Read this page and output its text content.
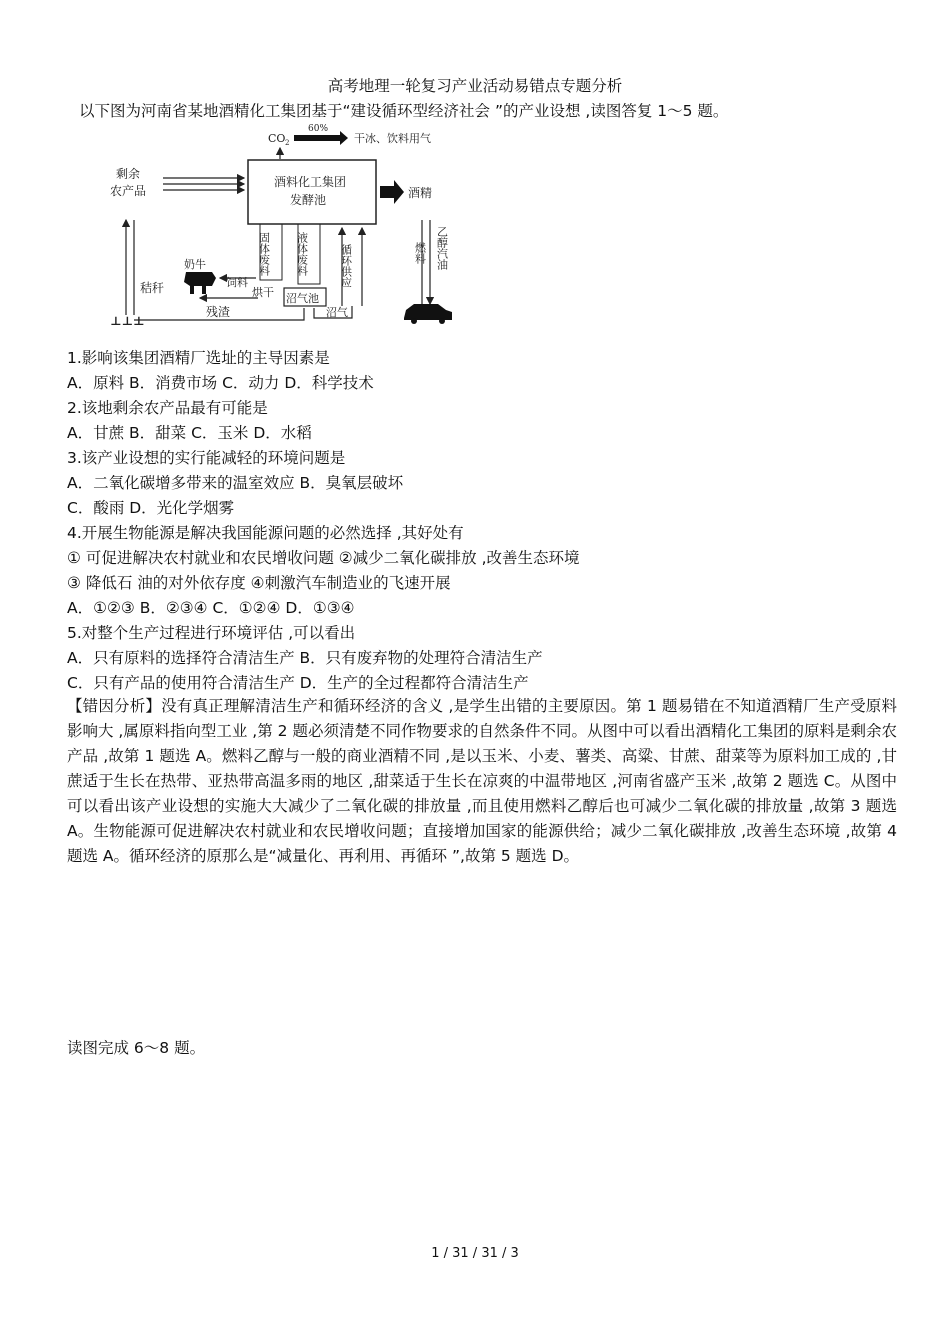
高考地理一轮复习产业活动易错点专题分析
以下图为河南省某地酒精化工集团基于“建设循环型经济社会 ”的产业设想 ,读图答复 1～5 题。
CO 2
60%
干冰、饮料用气
酒料化工集团
发酵池
剩余
农产品	酒精
燃料 乙醇汽油
固体废料 液体废料	循环供应
秸秆
⊥⊥⊥
奶牛
饲料
烘干 沼气池
残渣	沼气
1.影响该集团酒精厂选址的主导因素是
A．原料 B．消费市场 C．动力 D．科学技术
2.该地剩余农产品最有可能是
A．甘蔗 B．甜菜 C．玉米 D．水稻
3.该产业设想的实行能减轻的环境问题是
A．二氧化碳增多带来的温室效应 B．臭氧层破坏
C．酸雨 D．光化学烟雾
4.开展生物能源是解决我国能源问题的必然选择 ,其好处有
① 可促进解决农村就业和农民增收问题 ②减少二氧化碳排放 ,改善生态环境
③ 降低石 油的对外依存度 ④刺激汽车制造业的飞速开展
A．①②③ B．②③④ C．①②④ D．①③④
5.对整个生产过程进行环境评估 ,可以看出
A．只有原料的选择符合清洁生产 B．只有废弃物的处理符合清洁生产
C．只有产品的使用符合清洁生产 D．生产的全过程都符合清洁生产
【错因分析】没有真正理解清洁生产和循环经济的含义 ,是学生出错的主要原因。第 1 题易错在不知道酒精厂生产受原料影响大 ,属原料指向型工业 ,第 2 题必须清楚不同作物要求的自然条件不同。从图中可以看出酒精化工集团的原料是剩余农产品 ,故第 1 题选 A。燃料乙醇与一般的商业酒精不同 ,是以玉米、小麦、薯类、高粱、甘蔗、甜菜等为原料加工成的 ,甘蔗适于生长在热带、亚热带高温多雨的地区 ,甜菜适于生长在凉爽的中温带地区 ,河南省盛产玉米 ,故第 2 题选 C。从图中可以看出该产业设想的实施大大减少了二氧化碳的排放量 ,而且使用燃料乙醇后也可减少二氧化碳的排放量 ,故第 3 题选 A。生物能源可促进解决农村就业和农民增收问题；直接增加国家的能源供给；减少二氧化碳排放 ,改善生态环境 ,故第 4 题选 A。循环经济的原那么是“减量化、再利用、再循环 ”,故第 5 题选 D。
读图完成 6～8 题。
1 / 31 / 31 / 3
